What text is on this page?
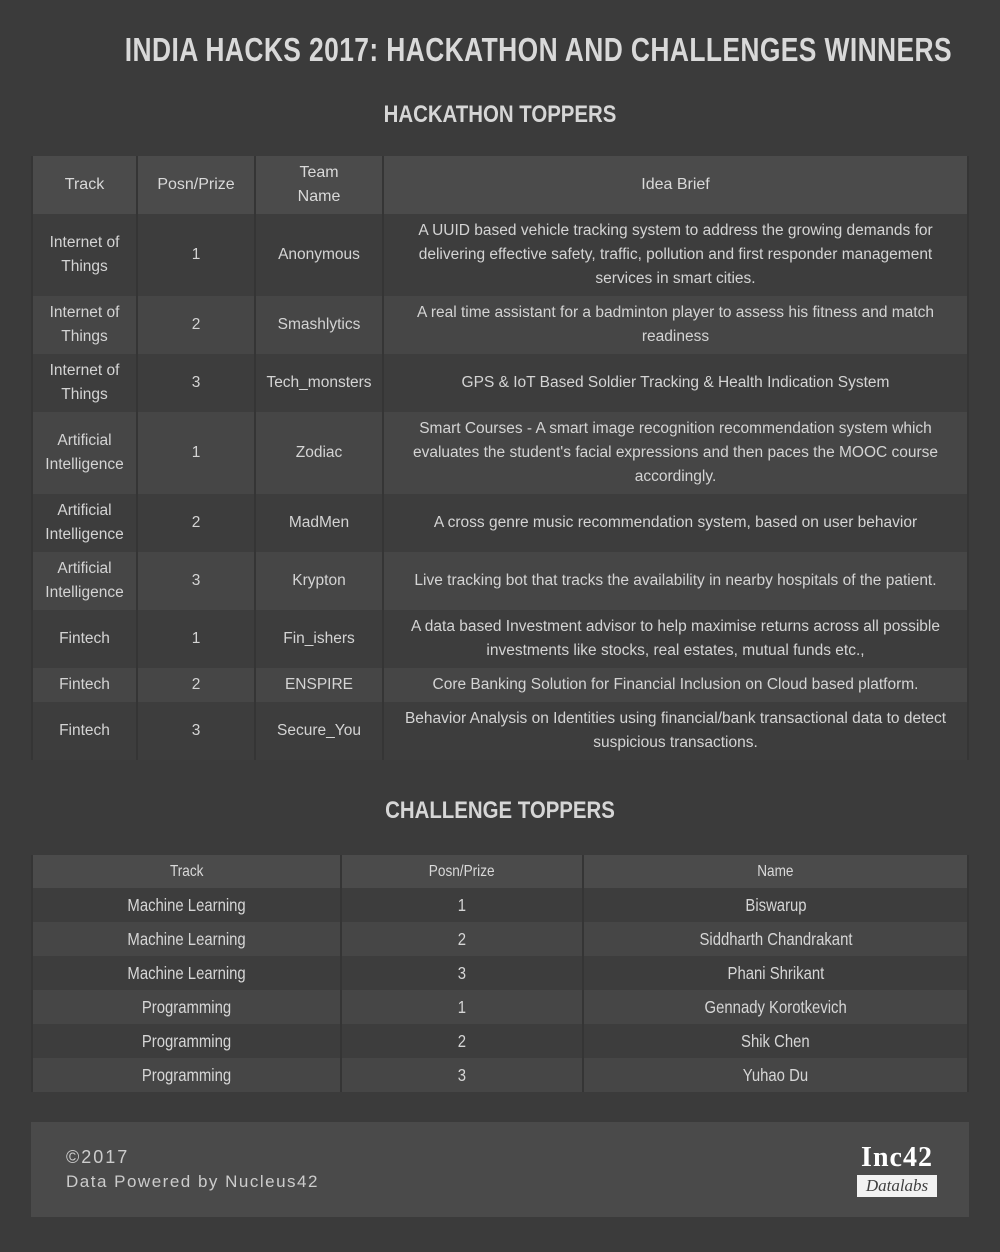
INDIA HACKS 2017: HACKATHON AND CHALLENGES WINNERS
HACKATHON TOPPERS
Track	Posn/Prize	Team Name	Idea Brief
Internet of Things	1	Anonymous	A UUID based vehicle tracking system to address the growing demands for delivering effective safety, traffic, pollution and first responder management services in smart cities.
Internet of Things	2	Smashlytics	A real time assistant for a badminton player to assess his fitness and match readiness
Internet of Things	3	Tech_monsters	GPS & IoT Based Soldier Tracking & Health Indication System
Artificial Intelligence	1	Zodiac	Smart Courses - A smart image recognition recommendation system which evaluates the student's facial expressions and then paces the MOOC course accordingly.
Artificial Intelligence	2	MadMen	A cross genre music recommendation system, based on user behavior
Artificial Intelligence	3	Krypton	Live tracking bot that tracks the availability in nearby hospitals of the patient.
Fintech	1	Fin_ishers	A data based Investment advisor to help maximise returns across all possible investments like stocks, real estates, mutual funds etc.,
Fintech	2	ENSPIRE	Core Banking Solution for Financial Inclusion on Cloud based platform.
Fintech	3	Secure_You	Behavior Analysis on Identities using financial/bank transactional data to detect suspicious transactions.
CHALLENGE TOPPERS
Track	Posn/Prize	Name
Machine Learning	1	Biswarup
Machine Learning	2	Siddharth Chandrakant
Machine Learning	3	Phani Shrikant
Programming	1	Gennady Korotkevich
Programming	2	Shik Chen
Programming	3	Yuhao Du
©2017
Data Powered by Nucleus42
Inc42
Datalabs
